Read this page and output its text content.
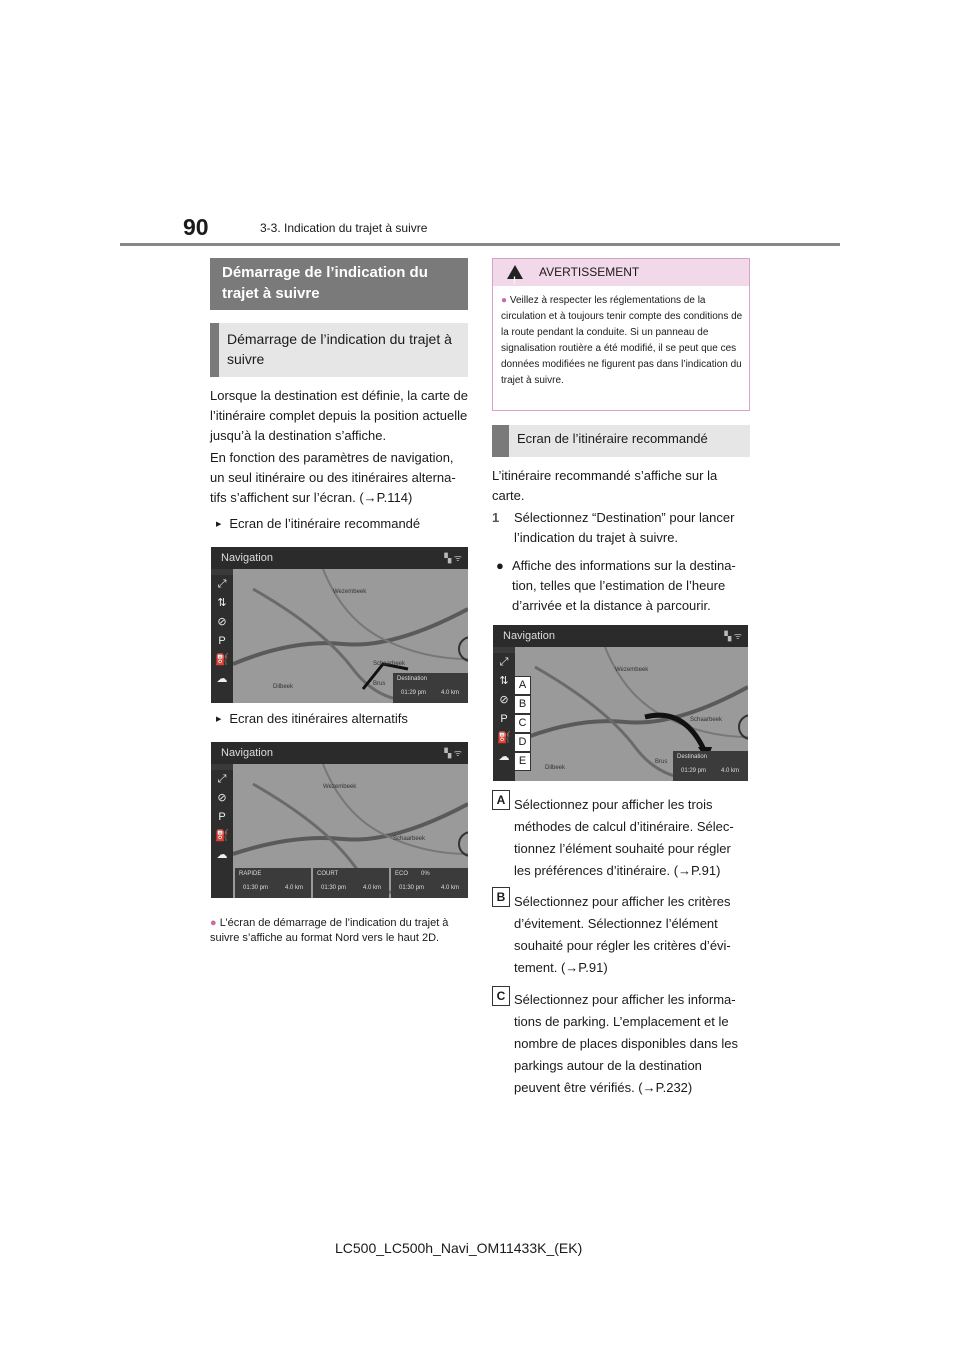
90	3-3. Indication du trajet à suivre
Démarrage de l’indication du trajet à suivre
Démarrage de l’indication du trajet à suivre
Lorsque la destination est définie, la carte de l’itinéraire complet depuis la position actuelle jusqu’à la destination s’affiche.
En fonction des paramètres de navigation, un seul itinéraire ou des itinéraires alterna-tifs s’affichent sur l’écran. (→P.114)
▶ Ecran de l’itinéraire recommandé
Navigation	▚ ᯤ
Wezembeek
Schaarbeek
Brus
Dilbeek
Destination
01:29 pm 4.0 km
⤢
⇅
⊘
P
⛽
☁
▶ Ecran des itinéraires alternatifs
Navigation	▚ ᯤ
Wezembeek
Schaarbeek
RAPIDE
01:30 pm	4.0 km
COURT
01:30 pm	4.0 km
ECO 0%
01:30 pm	4.0 km
⤢
⊘
P
⛽
☁
● L’écran de démarrage de l’indication du trajet à suivre s’affiche au format Nord vers le haut 2D.
!
AVERTISSEMENT
● Veillez à respecter les réglementations de la circulation et à toujours tenir compte des conditions de la route pendant la conduite. Si un panneau de signalisation routière a été modifié, il se peut que ces données modifiées ne figurent pas dans l’indication du trajet à suivre.
Ecran de l’itinéraire recommandé
L’itinéraire recommandé s’affiche sur la carte.
1 Sélectionnez “Destination” pour lancer l’indication du trajet à suivre.
● Affiche des informations sur la destina-tion, telles que l’estimation de l’heure d’arrivée et la distance à parcourir.
Navigation	▚ ᯤ
Wezembeek
Schaarbeek
Brus
Dilbeek
Destination
01:29 pm 4.0 km
⤢
⇅
⊘
P
⛽
☁
A
B
C
D
E
A Sélectionnez pour afficher les trois méthodes de calcul d’itinéraire. Sélec-tionnez l’élément souhaité pour régler les préférences d’itinéraire. (→P.91)
B Sélectionnez pour afficher les critères d’évitement. Sélectionnez l’élément souhaité pour régler les critères d’évi-tement. (→P.91)
C Sélectionnez pour afficher les informa-tions de parking. L’emplacement et le nombre de places disponibles dans les parkings autour de la destination peuvent être vérifiés. (→P.232)
LC500_LC500h_Navi_OM11433K_(EK)
